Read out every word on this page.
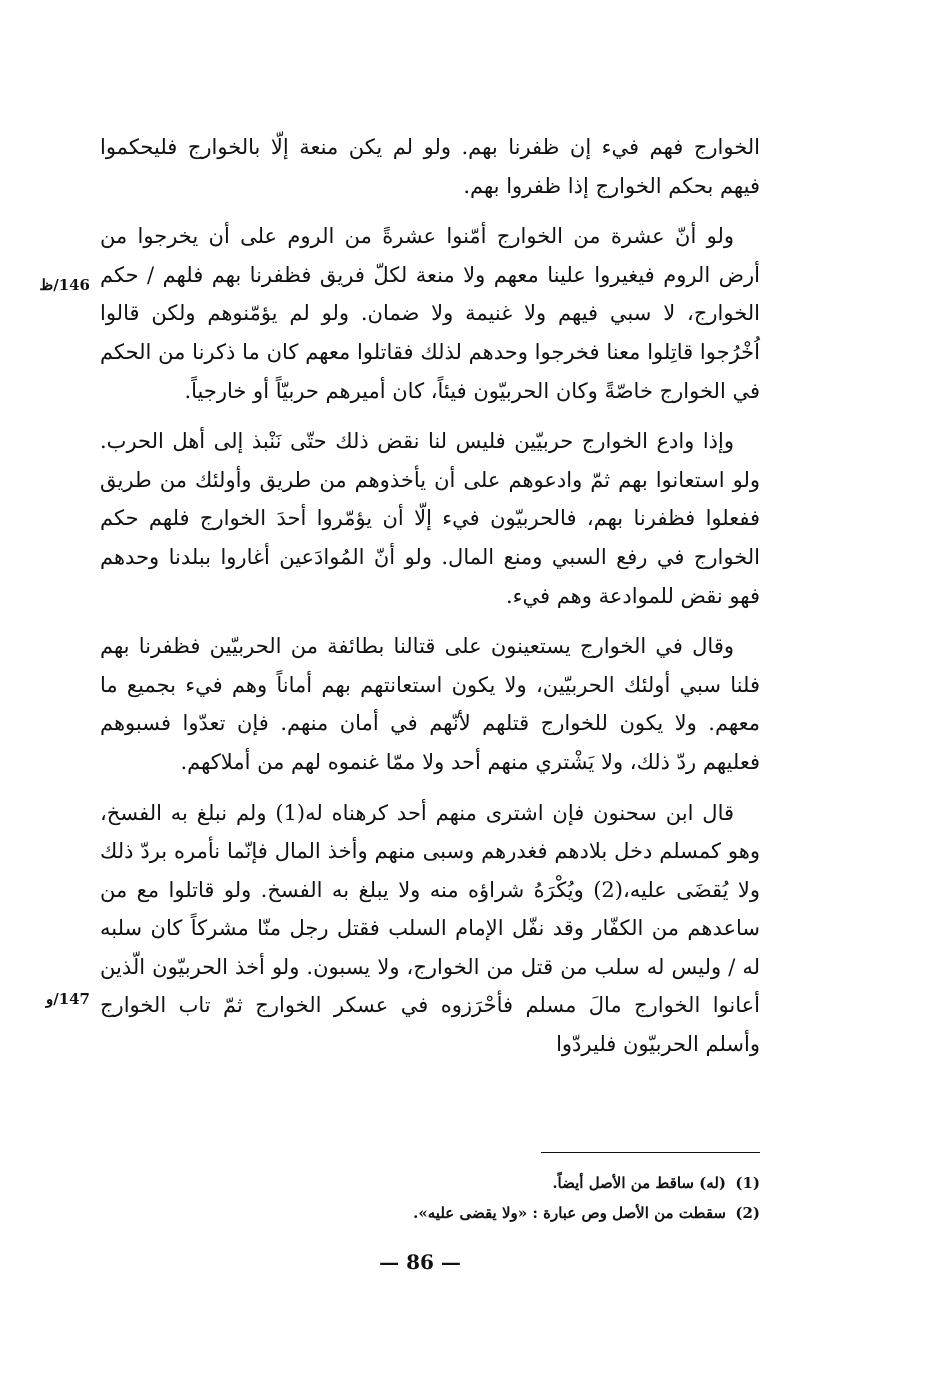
الخوارج فهم فيء إن ظفرنا بهم. ولو لم يكن منعة إلّا بالخوارج فليحكموا فيهم بحكم الخوارج إذا ظفروا بهم.

ولو أنّ عشرة من الخوارج أمّنوا عشرةً من الروم على أن يخرجوا من أرض الروم فيغيروا علينا معهم ولا منعة لكلّ فريق فظفرنا بهم فلهم / حكم الخوارج، لا سبي فيهم ولا غنيمة ولا ضمان. ولو لم يؤمّنوهم ولكن قالوا اُخْرُجوا قاتِلوا معنا فخرجوا وحدهم لذلك فقاتلوا معهم كان ما ذكرنا من الحكم في الخوارج خاصّةً وكان الحربيّون فيئاً، كان أميرهم حربيّاً أو خارجياً.

وإذا وادع الخوارج حربيّين فليس لنا نقض ذلك حتّى نَنْبذ إلى أهل الحرب. ولو استعانوا بهم ثمّ وادعوهم على أن يأخذوهم من طريق وأولئك من طريق ففعلوا فظفرنا بهم، فالحربيّون فيء إلّا أن يؤمّروا أحدَ الخوارج فلهم حكم الخوارج في رفع السبي ومنع المال. ولو أنّ المُوادَعين أغاروا ببلدنا وحدهم فهو نقض للموادعة وهم فيء.

وقال في الخوارج يستعينون على قتالنا بطائفة من الحربيّين فظفرنا بهم فلنا سبي أولئك الحربيّين، ولا يكون استعانتهم بهم أماناً وهم فيء بجميع ما معهم. ولا يكون للخوارج قتلهم لأنّهم في أمان منهم. فإن تعدّوا فسبوهم فعليهم ردّ ذلك، ولا يَشْتري منهم أحد ولا ممّا غنموه لهم من أملاكهم.

قال ابن سحنون فإن اشترى منهم أحد كرهناه له(1) ولم نبلغ به الفسخ، وهو كمسلم دخل بلادهم فغدرهم وسبى منهم وأخذ المال فإنّما نأمره بردّ ذلك ولا يُقضَى عليه،(2) ويُكْرَهُ شراؤه منه ولا يبلغ به الفسخ. ولو قاتلوا مع من ساعدهم من الكفّار وقد نفّل الإمام السلب فقتل رجل منّا مشركاً كان سلبه له / وليس له سلب من قتل من الخوارج، ولا يسبون. ولو أخذ الحربيّون الّذين أعانوا الخوارج مالَ مسلم فأحْرَزوه في عسكر الخوارج ثمّ تاب الخوارج وأسلم الحربيّون فليردّوا

146/ظ
147/و
(1)
(له) ساقط من الأصل أيضاً.
(2)
سقطت من الأصل وص عبارة : «ولا يقضى عليه».
— 86 —
